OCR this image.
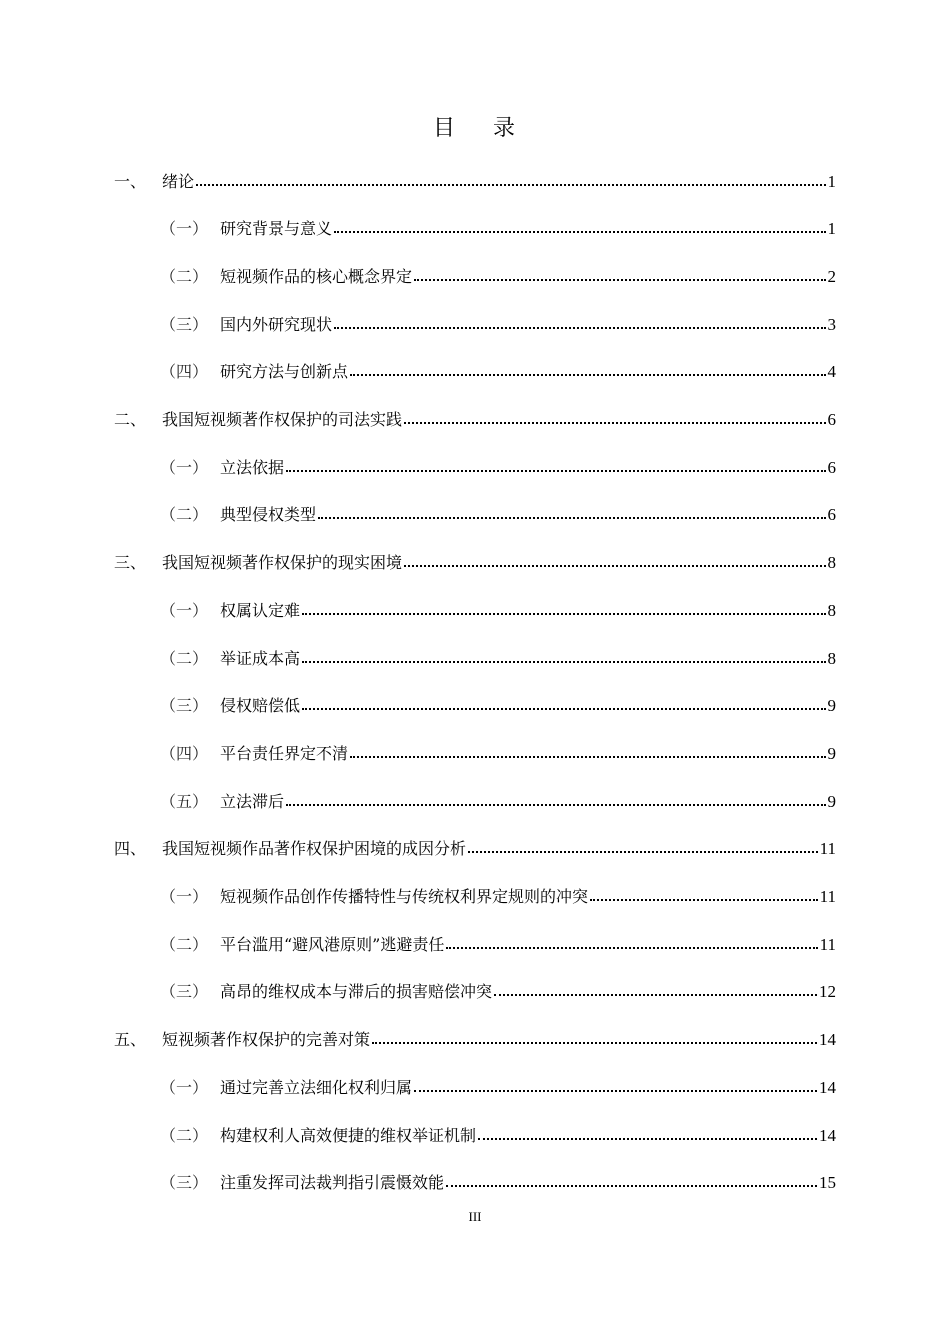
目    录
一、 绪论	1
（一） 研究背景与意义	1
（二） 短视频作品的核心概念界定	2
（三） 国内外研究现状	3
（四） 研究方法与创新点	4
二、 我国短视频著作权保护的司法实践	6
（一） 立法依据	6
（二） 典型侵权类型	6
三、 我国短视频著作权保护的现实困境	8
（一） 权属认定难	8
（二） 举证成本高	8
（三） 侵权赔偿低	9
（四） 平台责任界定不清	9
（五） 立法滞后	9
四、 我国短视频作品著作权保护困境的成因分析	11
（一） 短视频作品创作传播特性与传统权利界定规则的冲突	11
（二） 平台滥用“避风港原则”逃避责任	11
（三） 高昂的维权成本与滞后的损害赔偿冲突	12
五、 短视频著作权保护的完善对策	14
（一） 通过完善立法细化权利归属	14
（二） 构建权利人高效便捷的维权举证机制	14
（三） 注重发挥司法裁判指引震慑效能	15
III
